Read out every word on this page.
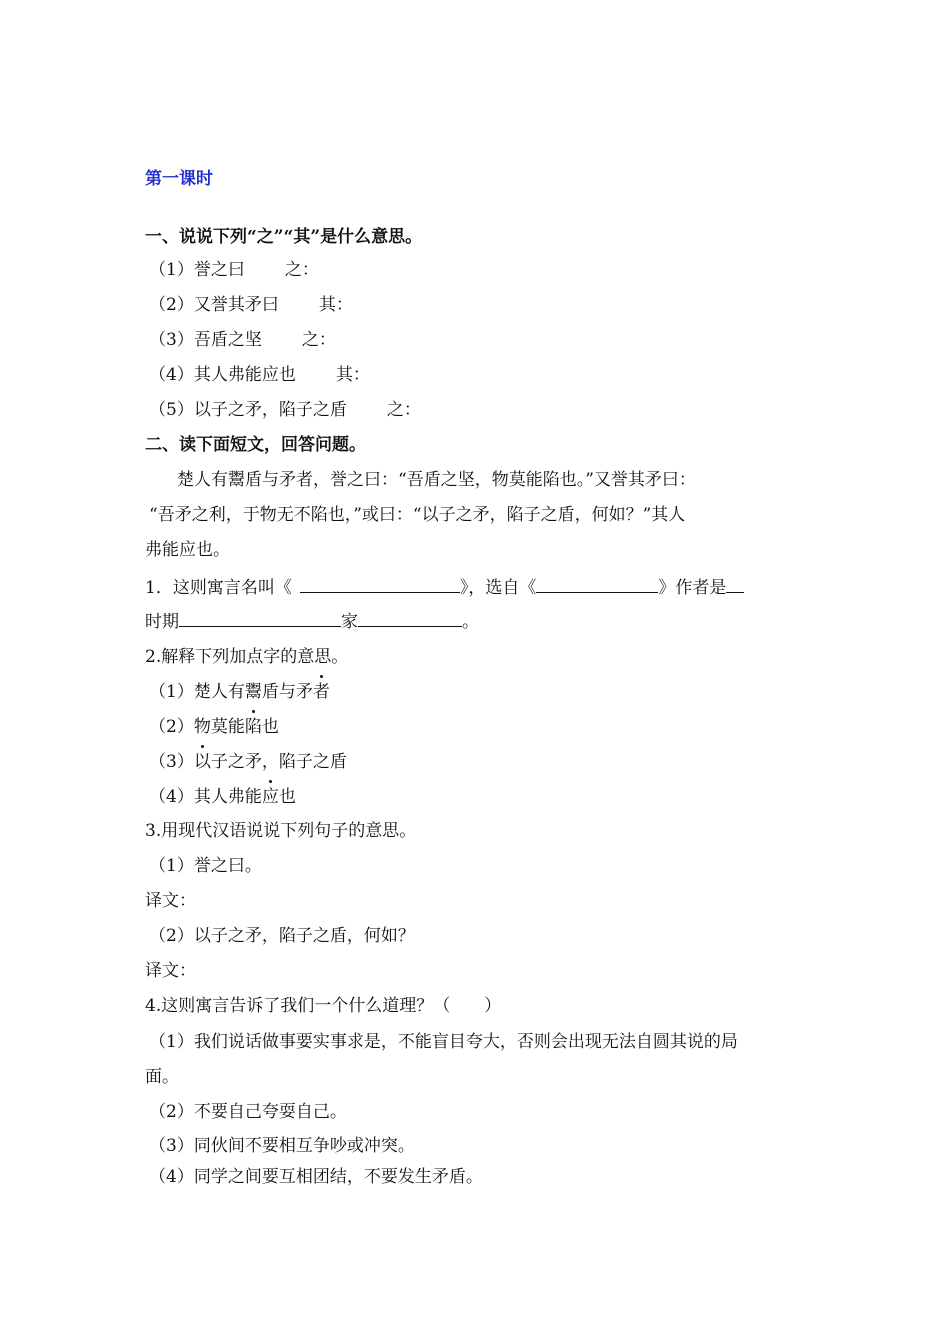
第一课时
一、说说下列“之”“其”是什么意思。
（1）誉之曰 之：
（2）又誉其矛曰 其：
（3）吾盾之坚 之：
（4）其人弗能应也 其：
（5）以子之矛，陷子之盾 之：
二、读下面短文，回答问题。
楚人有鬻盾与矛者，誉之曰：“吾盾之坚，物莫能陷也。”又誉其矛曰：
“吾矛之利，于物无不陷也，”或曰：“以子之矛，陷子之盾，何如？”其人
弗能应也。
1．这则寓言名叫《	》，选自《	》作者是
时期	家	。
2.解释下列加点字的意思。
（1）楚人有鬻盾与矛者
（2）物莫能陷也
（3）以子之矛，陷子之盾
（4）其人弗能应也
3.用现代汉语说说下列句子的意思。
（1）誉之曰。
译文：
（2）以子之矛，陷子之盾，何如？
译文：
4.这则寓言告诉了我们一个什么道理？（　　）
（1）我们说话做事要实事求是，不能盲目夸大，否则会出现无法自圆其说的局
面。
（2）不要自己夸耍自己。
（3）同伙间不要相互争吵或冲突。
（4）同学之间要互相团结，不要发生矛盾。
